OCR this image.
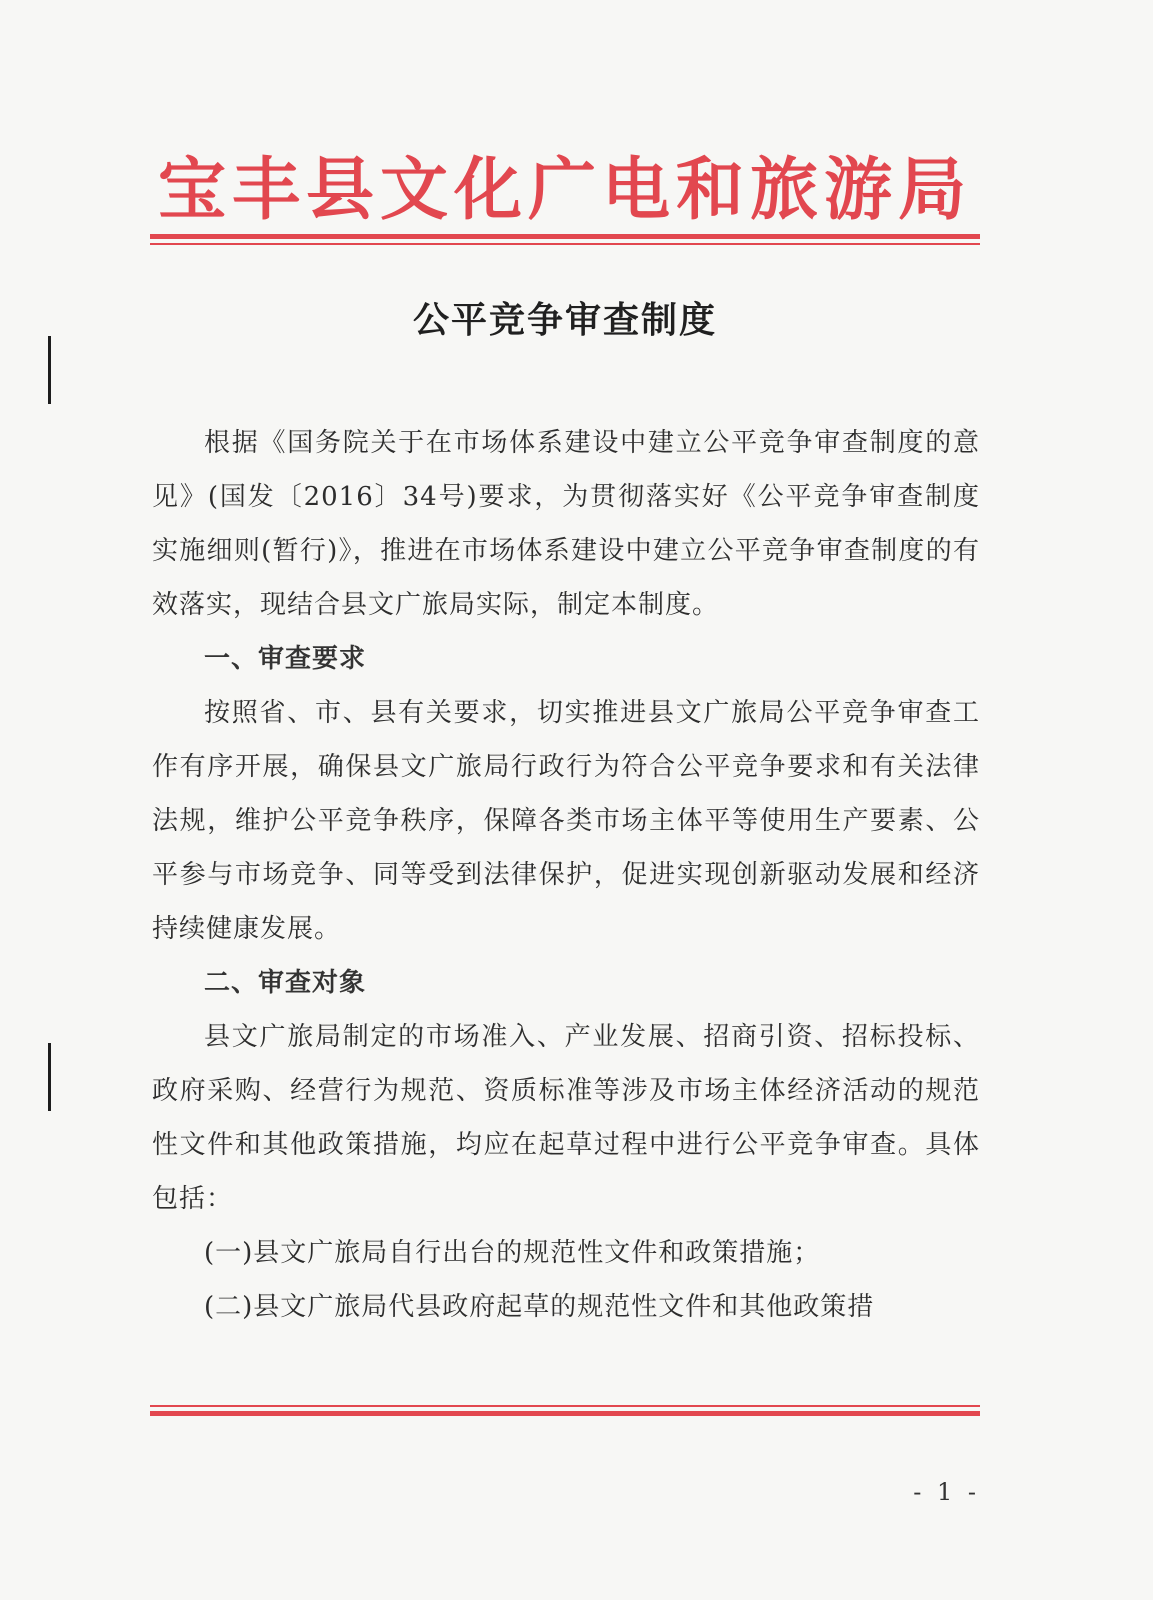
宝丰县文化广电和旅游局
公平竞争审查制度

根据《国务院关于在市场体系建设中建立公平竞争审查制度的意见》(国发〔2016〕34号)要求，为贯彻落实好《公平竞争审查制度实施细则(暂行)》，推进在市场体系建设中建立公平竞争审查制度的有效落实，现结合县文广旅局实际，制定本制度。

一、审查要求

按照省、市、县有关要求，切实推进县文广旅局公平竞争审查工作有序开展，确保县文广旅局行政行为符合公平竞争要求和有关法律法规，维护公平竞争秩序，保障各类市场主体平等使用生产要素、公平参与市场竞争、同等受到法律保护，促进实现创新驱动发展和经济持续健康发展。

二、审查对象

县文广旅局制定的市场准入、产业发展、招商引资、招标投标、政府采购、经营行为规范、资质标准等涉及市场主体经济活动的规范性文件和其他政策措施，均应在起草过程中进行公平竞争审查。具体包括：

(一)县文广旅局自行出台的规范性文件和政策措施；

(二)县文广旅局代县政府起草的规范性文件和其他政策措

- 1 -
